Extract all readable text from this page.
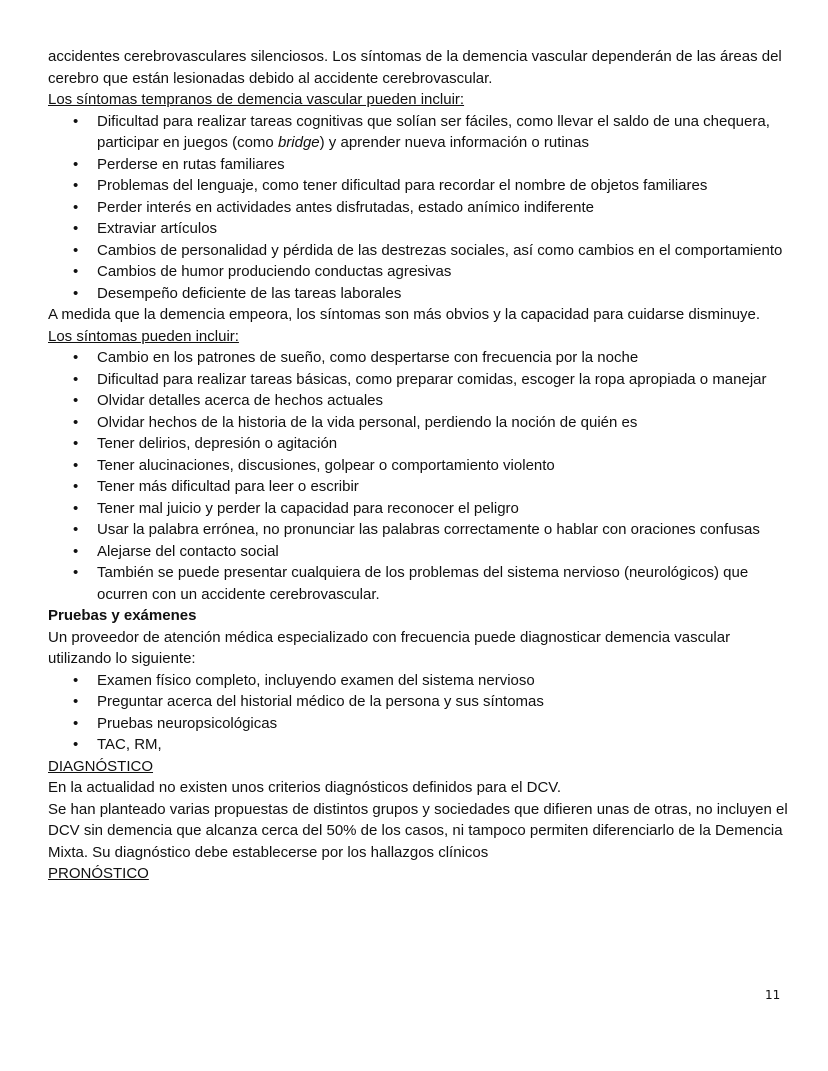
accidentes cerebrovasculares silenciosos. Los síntomas de la demencia vascular dependerán de las áreas del cerebro que están lesionadas debido al accidente cerebrovascular.

Los síntomas tempranos de demencia vascular pueden incluir:

• Dificultad para realizar tareas cognitivas que solían ser fáciles, como llevar el saldo de una chequera, participar en juegos (como bridge) y aprender nueva información o rutinas
• Perderse en rutas familiares
• Problemas del lenguaje, como tener dificultad para recordar el nombre de objetos familiares
• Perder interés en actividades antes disfrutadas, estado anímico indiferente
• Extraviar artículos
• Cambios de personalidad y pérdida de las destrezas sociales, así como cambios en el comportamiento
• Cambios de humor produciendo conductas agresivas
• Desempeño deficiente de las tareas laborales

A medida que la demencia empeora, los síntomas son más obvios y la capacidad para cuidarse disminuye.

Los síntomas pueden incluir:

• Cambio en los patrones de sueño, como despertarse con frecuencia por la noche
• Dificultad para realizar tareas básicas, como preparar comidas, escoger la ropa apropiada o manejar
• Olvidar detalles acerca de hechos actuales
• Olvidar hechos de la historia de la vida personal, perdiendo la noción de quién es
• Tener delirios, depresión o agitación
• Tener alucinaciones, discusiones, golpear o comportamiento violento
• Tener más dificultad para leer o escribir
• Tener mal juicio y perder la capacidad para reconocer el peligro
• Usar la palabra errónea, no pronunciar las palabras correctamente o hablar con oraciones confusas
• Alejarse del contacto social
• También se puede presentar cualquiera de los problemas del sistema nervioso (neurológicos) que ocurren con un accidente cerebrovascular.

Pruebas y exámenes

Un proveedor de atención médica especializado con frecuencia puede diagnosticar demencia vascular utilizando lo siguiente:

• Examen físico completo, incluyendo examen del sistema nervioso
• Preguntar acerca del historial médico de la persona y sus síntomas
• Pruebas neuropsicológicas
• TAC, RM,

DIAGNÓSTICO

En la actualidad no existen unos criterios diagnósticos definidos para el DCV.

Se han planteado varias propuestas de distintos grupos y sociedades que difieren unas de otras, no incluyen el DCV sin demencia que alcanza cerca del 50% de los casos, ni tampoco permiten diferenciarlo de la Demencia Mixta. Su diagnóstico debe establecerse por los hallazgos clínicos

PRONÓSTICO

11
